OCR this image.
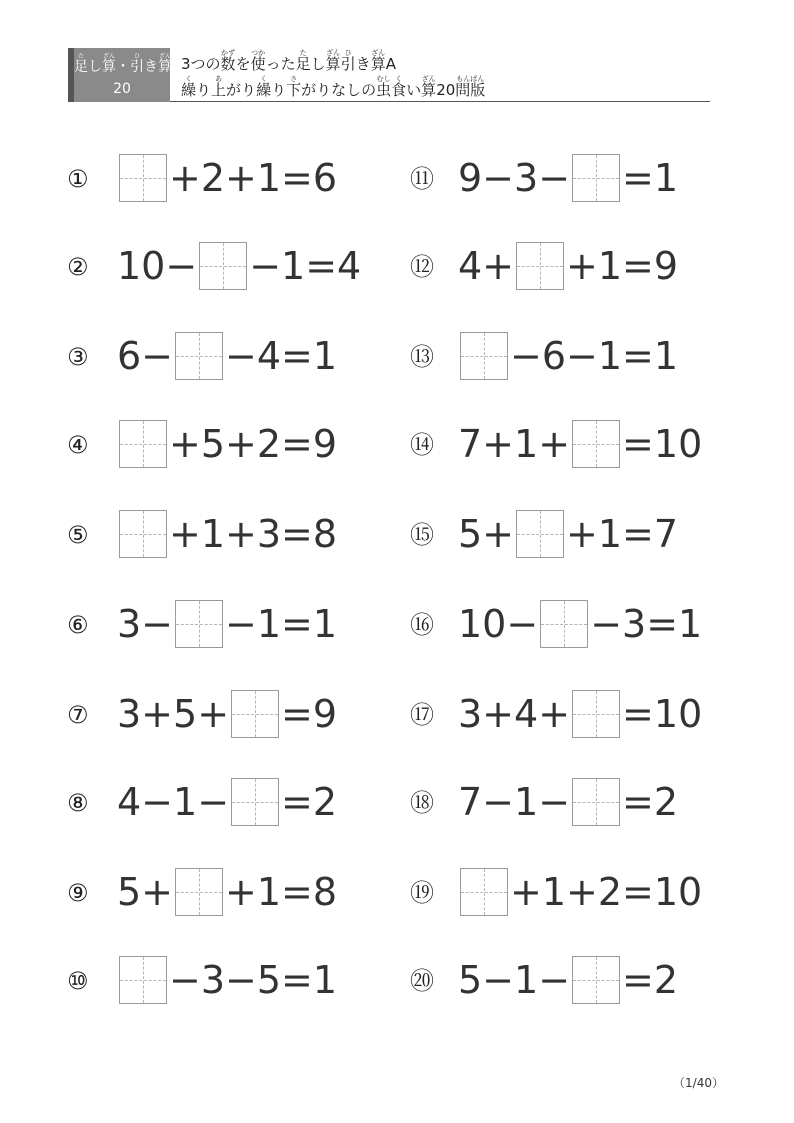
た
足
し
ざん
算
・
ひ
引
き
ざん
算
20

3つの
かず
数
を
つか
使
った
た
足
し
ざん
算
ひ
引
き
ざん
算
A
く
繰
り
あ
上
がり
く
繰
り
さ
下
がりなしの
むし
虫
く
食
い
ざん
算
20
もんばん
問版
① +2+1=6
② 10− −1=4
③ 6− −4=1
④ +5+2=9
⑤ +1+3=8
⑥ 3− −1=1
⑦ 3+5+ =9
⑧ 4−1− =2
⑨ 5+ +1=8
⑩ −3−5=1
⑪ 9−3− =1
⑫ 4+ +1=9
⑬ −6−1=1
⑭ 7+1+ =10
⑮ 5+ +1=7
⑯ 10− −3=1
⑰ 3+4+ =10
⑱ 7−1− =2
⑲ +1+2=10
⑳ 5−1− =2
（1/40）
